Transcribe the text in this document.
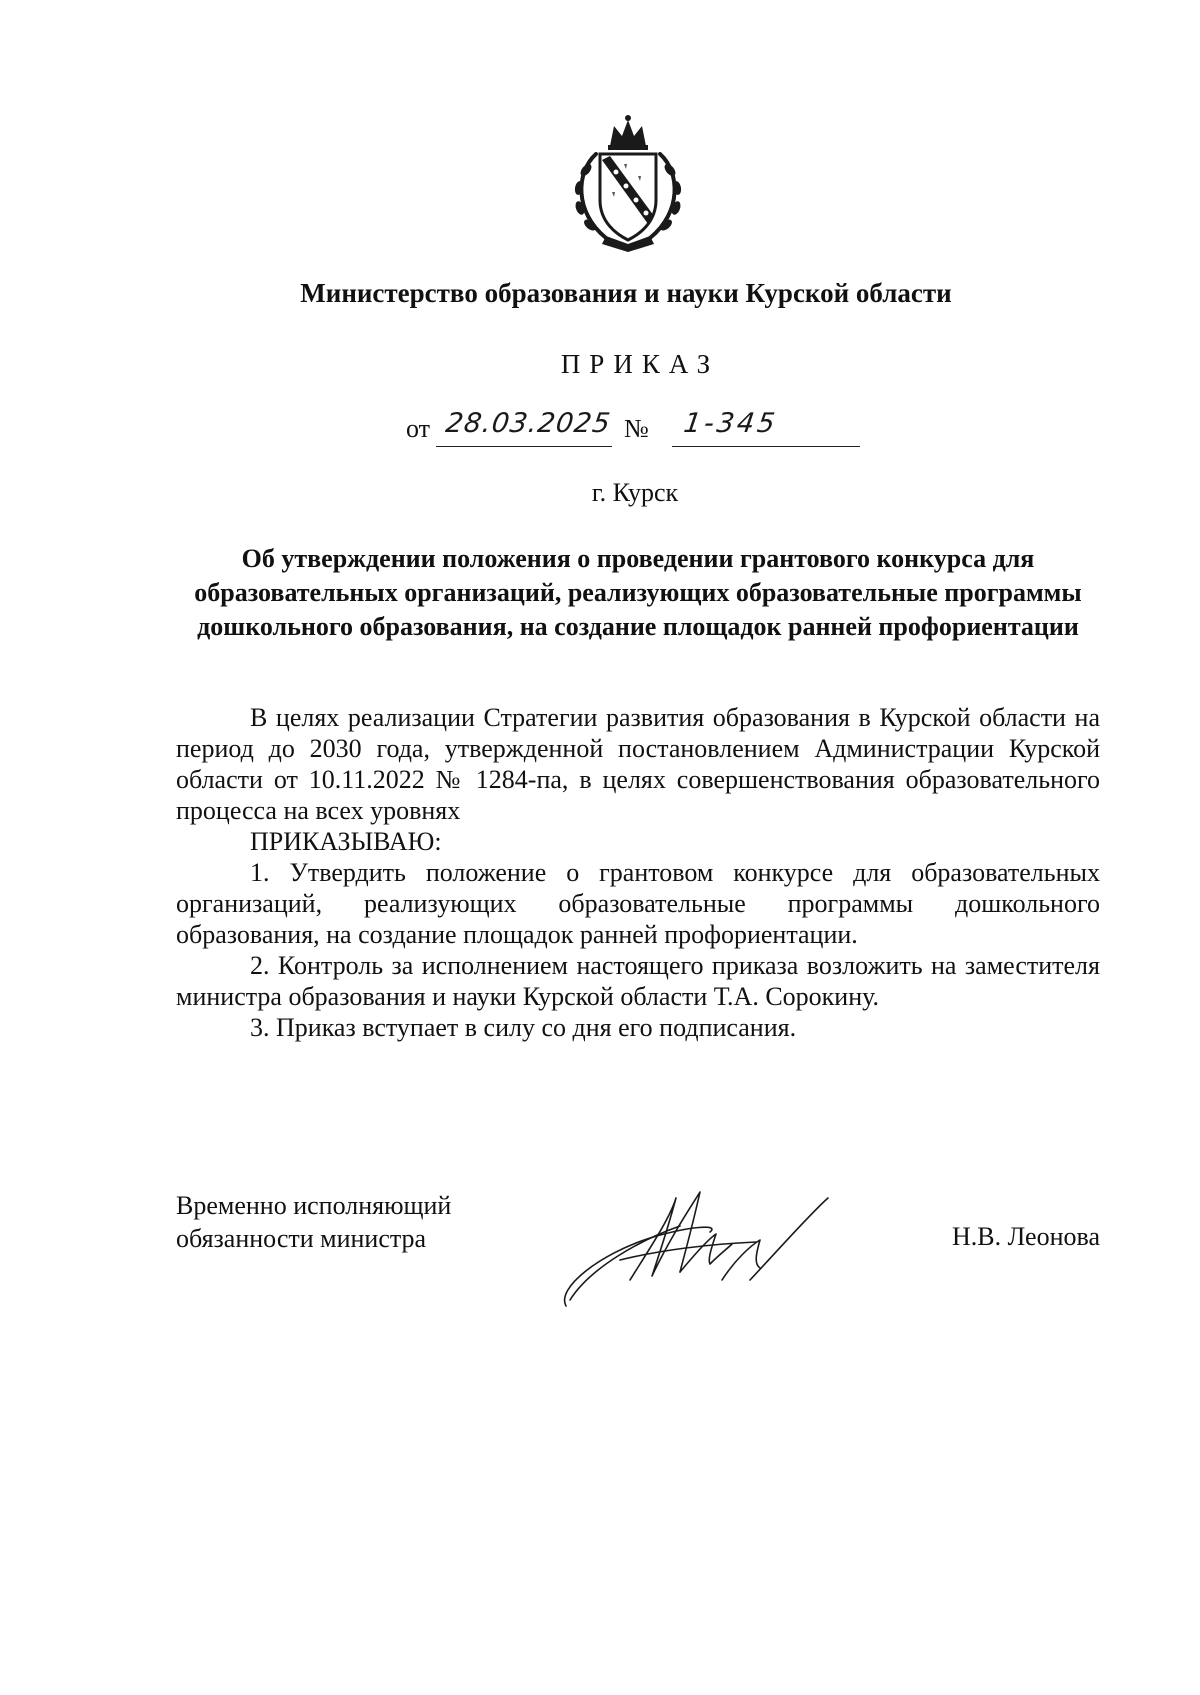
Министерство образования и науки Курской области
ПРИКАЗ
от 28.03.2025 № 1-345
г. Курск

Об утверждении положения о проведении грантового конкурса для образовательных организаций, реализующих образовательные программы дошкольного образования, на создание площадок ранней профориентации

В целях реализации Стратегии развития образования в Курской области на период до 2030 года, утвержденной постановлением Администрации Курской области от 10.11.2022 № 1284-па, в целях совершенствования образовательного процесса на всех уровнях

ПРИКАЗЫВАЮ:

1. Утвердить положение о грантовом конкурсе для образовательных организаций, реализующих образовательные программы дошкольного образования, на создание площадок ранней профориентации.

2. Контроль за исполнением настоящего приказа возложить на заместителя министра образования и науки Курской области Т.А. Сорокину.

3. Приказ вступает в силу со дня его подписания.

Временно исполняющий

обязанности министра	Н.В. Леонова
